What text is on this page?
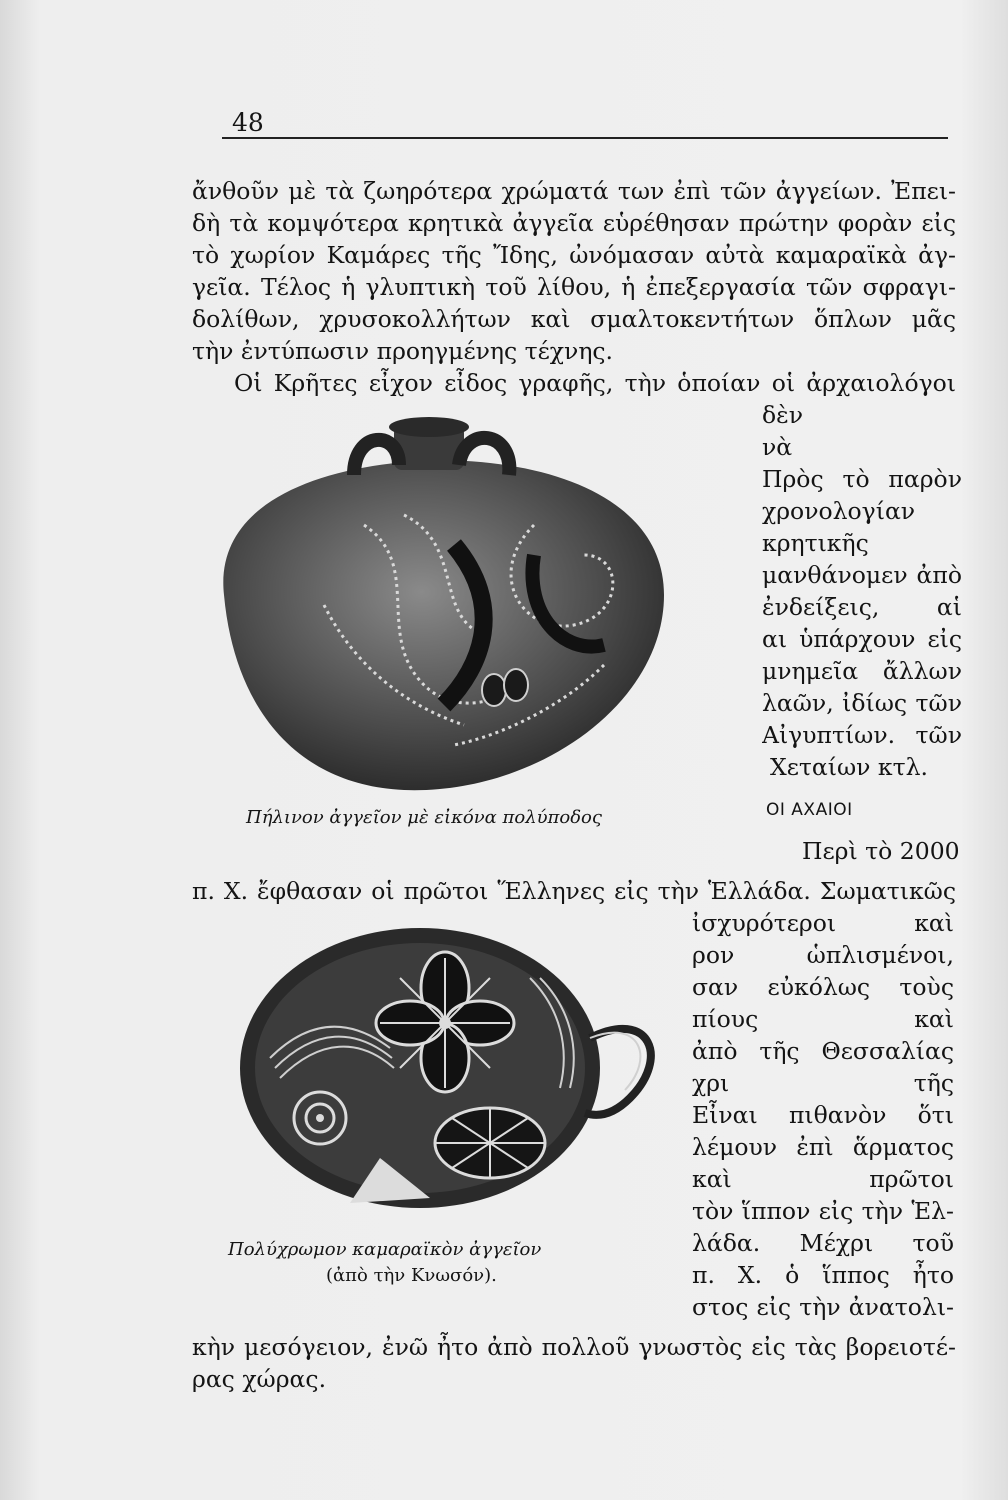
48
ἄνθοῦν μὲ τὰ ζωηρότερα χρώματά των ἐπὶ τῶν ἀγγείων. Ἐπει-
δὴ τὰ κομψότερα κρητικὰ ἀγγεῖα εὑρέθησαν πρώτην φορὰν εἰς
τὸ χωρίον Καμάρες τῆς Ἴδης, ὠνόμασαν αὐτὰ καμαραϊκὰ ἀγ-
γεῖα. Τέλος ἡ γλυπτικὴ τοῦ λίθου, ἡ ἐπεξεργασία τῶν σφραγι-
δολίθων, χρυσοκολλήτων καὶ σμαλτοκεντήτων ὅπλων μᾶς
τὴν ἐντύπωσιν προηγμένης τέχνης.
Οἱ Κρῆτες εἶχον εἶδος γραφῆς, τὴν ὁποίαν οἱ ἀρχαιολόγοι
δὲν
νὰ
Πρὸς τὸ παρὸν
χρονολογίαν
κρητικῆς
μανθάνομεν ἀπὸ
ἐνδείξεις, αἱ
αι ὑπάρχουν εἰς
μνημεῖα ἄλλων
λαῶν, ἰδίως τῶν
Αἰγυπτίων. τῶν
Χεταίων κτλ.
Πήλινον ἀγγεῖον μὲ εἰκόνα πολύποδος	ΟΙ ΑΧΑΙΟΙ
Περὶ τὸ 2000
π. Χ. ἔφθασαν οἱ πρῶτοι Ἕλληνες εἰς τὴν Ἑλλάδα. Σωματικῶς
ἰσχυρότεροι καὶ
ρον ὡπλισμένοι,
σαν εὐκόλως τοὺς
πίους καὶ
ἀπὸ τῆς Θεσσαλίας
χρι τῆς
Εἶναι πιθανὸν ὅτι
λέμουν ἐπὶ ἅρματος
καὶ πρῶτοι
τὸν ἵππον εἰς τὴν Ἑλ-
λάδα. Μέχρι τοῦ
π. Χ. ὁ ἵππος ἦτο
στος εἰς τὴν ἀνατολι-
Πολύχρωμον καμαραϊκὸν ἀγγεῖον
(ἀπὸ τὴν Κνωσόν).
κὴν μεσόγειον, ἐνῶ ἦτο ἀπὸ πολλοῦ γνωστὸς εἰς τὰς βορειοτέ-
ρας χώρας.
